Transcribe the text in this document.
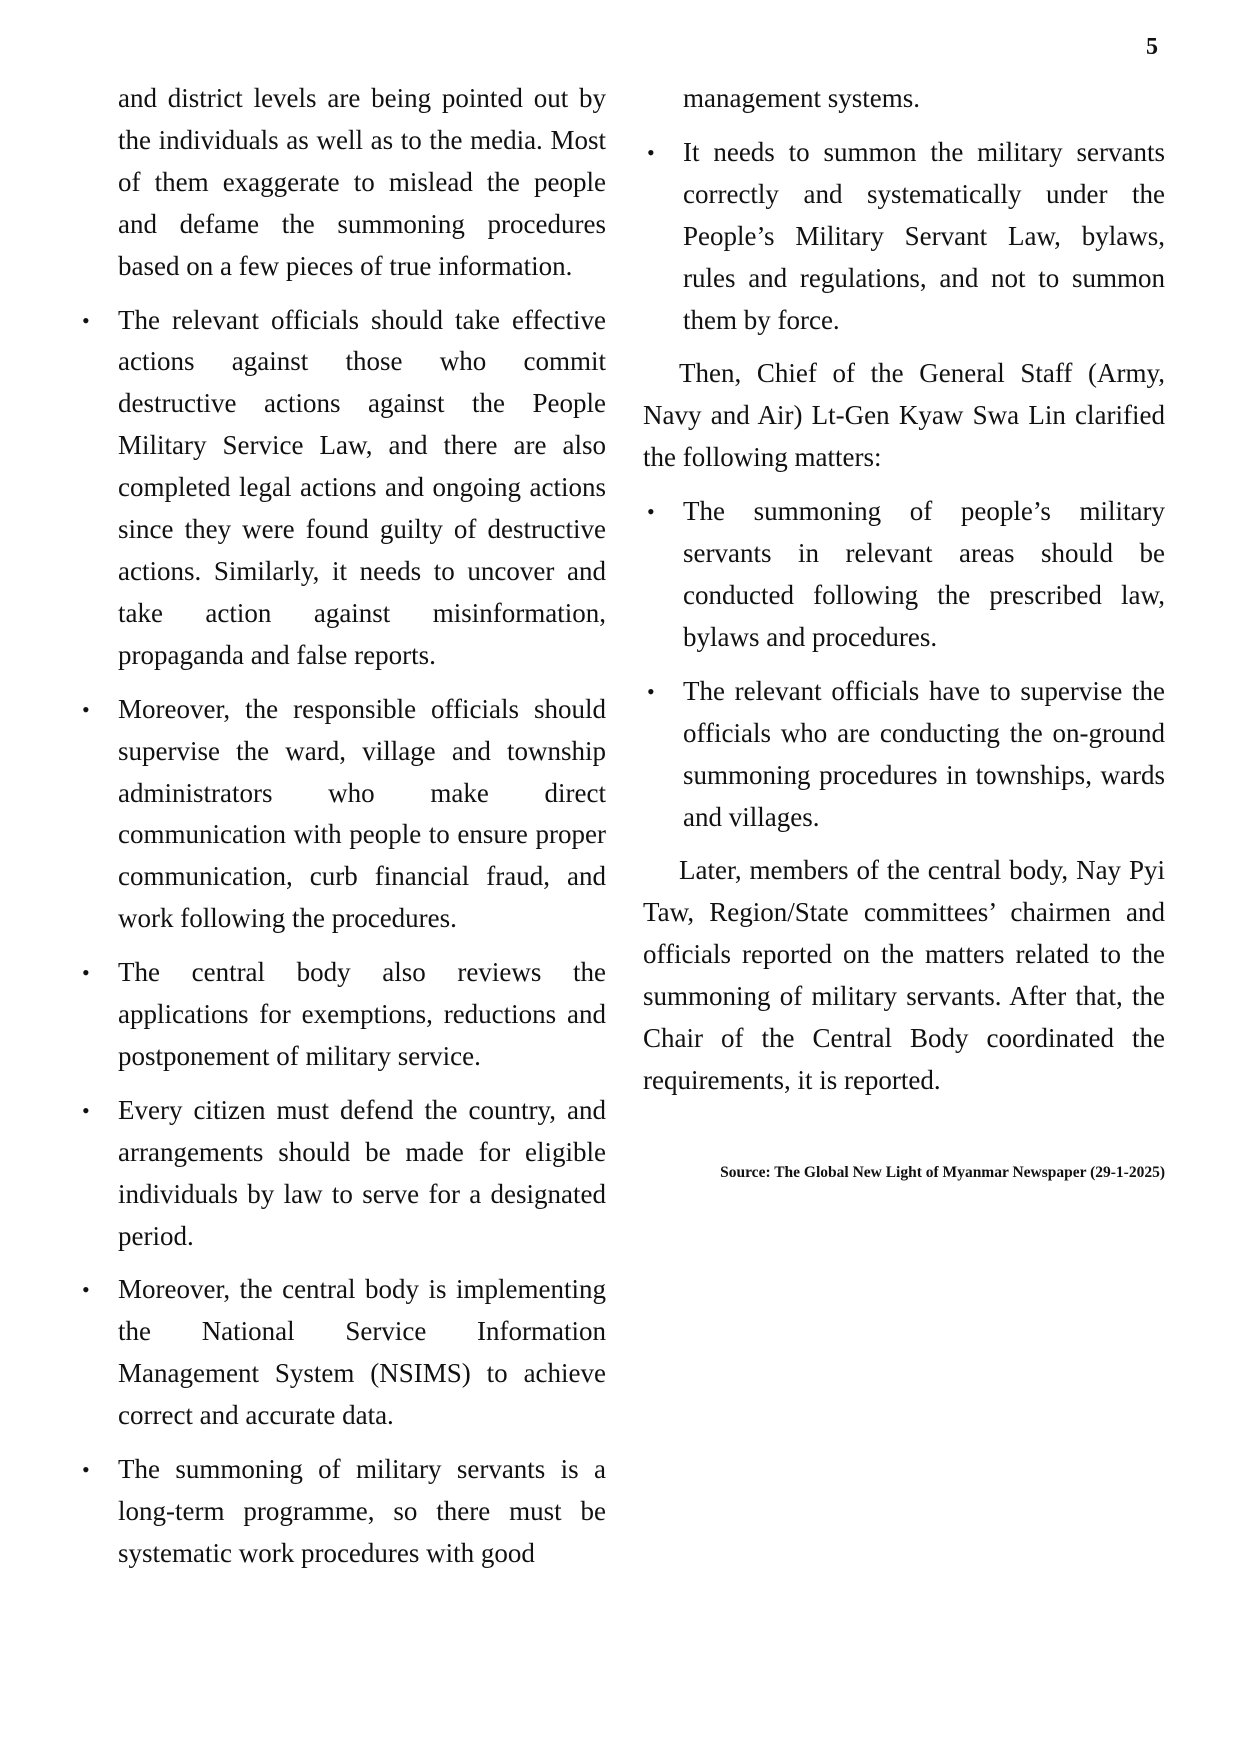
5

and district levels are being pointed out by the individuals as well as to the media. Most of them exaggerate to mislead the people and defame the summoning procedures based on a few pieces of true information.

• The relevant officials should take effective actions against those who commit destructive actions against the People Military Service Law, and there are also completed legal actions and ongoing actions since they were found guilty of destructive actions. Similarly, it needs to uncover and take action against misinformation, propaganda and false reports.
• Moreover, the responsible officials should supervise the ward, village and township administrators who make direct communication with people to ensure proper communication, curb financial fraud, and work following the procedures.
• The central body also reviews the applications for exemptions, reductions and postponement of military service.
• Every citizen must defend the country, and arrangements should be made for eligible individuals by law to serve for a designated period.
• Moreover, the central body is implementing the National Service Information Management System (NSIMS) to achieve correct and accurate data.
• The summoning of military servants is a long-term programme, so there must be systematic work procedures with good

management systems.

• It needs to summon the military servants correctly and systematically under the People’s Military Servant Law, bylaws, rules and regulations, and not to summon them by force.

Then, Chief of the General Staff (Army, Navy and Air) Lt-Gen Kyaw Swa Lin clarified the following matters:

• The summoning of people’s military servants in relevant areas should be conducted following the prescribed law, bylaws and procedures.
• The relevant officials have to supervise the officials who are conducting the on-ground summoning procedures in townships, wards and villages.

Later, members of the central body, Nay Pyi Taw, Region/State committees’ chairmen and officials reported on the matters related to the summoning of military servants. After that, the Chair of the Central Body coordinated the requirements, it is reported.

Source: The Global New Light of Myanmar Newspaper (29-1-2025)
